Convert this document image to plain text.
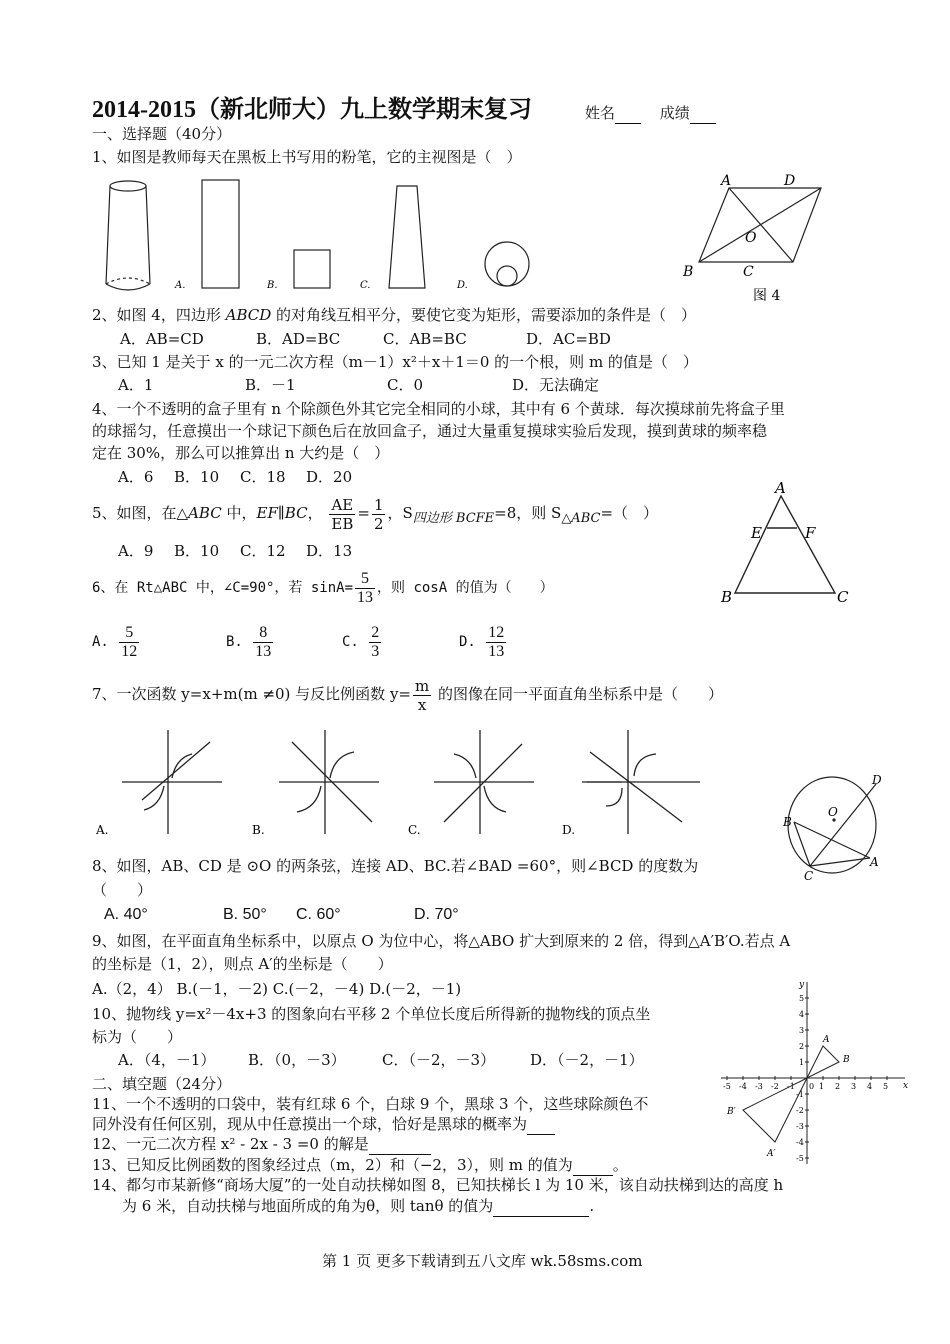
2014-2015（新北师大）九上数学期末复习	姓名	成绩
一、选择题（40分）
1、如图是教师每天在黑板上书写用的粉笔，它的主视图是（　）
A.	B.	C.	D.
A	D
O
B	C
图 4
2、如图 4，四边形 ABCD 的对角线互相平分，要使它变为矩形，需要添加的条件是（　）
A．AB=CD	B．AD=BC	C．AB=BC	D．AC=BD
3、已知 1 是关于 x 的一元二次方程（m－1）x²＋x＋1＝0 的一个根，则 m 的值是（　）
A．1	B．－1	C．0	D．无法确定
4、一个不透明的盒子里有 n 个除颜色外其它完全相同的小球，其中有 6 个黄球．每次摸球前先将盒子里
的球摇匀，任意摸出一个球记下颜色后在放回盒子，通过大量重复摸球实验后发现，摸到黄球的频率稳
定在 30%，那么可以推算出 n 大约是（　）
A．6 B．10 C．18 D．20
5、如图，在△ABC 中，EF∥BC， $\frac{AE}{EB} = \frac{1}{2}$ ，$S_{四边形 BCFE}=8$，则 $S_{\triangle ABC}=$（　）
A．9 B．10 C．12 D．13
A
E	F
B	C
6、在 Rt△ABC 中，∠C=90°，若 $\sin A= \frac{5}{13}$ ，则 cosA 的值为（　　）
A. $\frac{5}{12}$	B. $\frac{8}{13}$	C. $\frac{2}{3}$	D. $\frac{12}{13}$
7、一次函数 y=x+m(m ≠0) 与反比例函数 $y= \frac{m}{x}$ 的图像在同一平面直角坐标系中是（　　）
A.	B.	C.	D.
D
O
B
A
C
8、如图，AB、CD 是 ⊙O 的两条弦，连接 AD、BC.若∠BAD =60°，则∠BCD 的度数为
（　　）
A. 40°	B. 50° C. 60°	D. 70°
9、如图，在平面直角坐标系中，以原点 O 为位中心，将△ABO 扩大到原来的 2 倍，得到△A′B′O.若点 A
的坐标是（1，2），则点 A′的坐标是（　　）
A.（2，4） B.(－1，－2) C.(－2，－4) D.(－2，－1)
10、抛物线 y=x²－4x+3 的图象向右平移 2 个单位长度后所得新的抛物线的顶点坐
标为（　　）
A．（4，－1） B．（0，－3） C．（－2，－3） D．（－2，－1）
-5 -4 -3 -2 -1 0 1 2 3 4 5
5
4
3
2
1
-1
-2
-3
-4
-5
x
y
A
B
A′
B′
二、填空题（24分）
11、一个不透明的口袋中，装有红球 6 个，白球 9 个，黑球 3 个，这些球除颜色不
同外没有任何区别，现从中任意摸出一个球，恰好是黑球的概率为
12、一元二次方程 x² - 2x - 3 =0 的解是
13、已知反比例函数的图象经过点（m，2）和（−2，3），则 m 的值为	。
14、都匀市某新修“商场大厦”的一处自动扶梯如图 8，已知扶梯长 l 为 10 米，该自动扶梯到达的高度 h
为 6 米，自动扶梯与地面所成的角为θ，则 tanθ 的值为	.
第 1 页 更多下载请到五八文库 wk.58sms.com
